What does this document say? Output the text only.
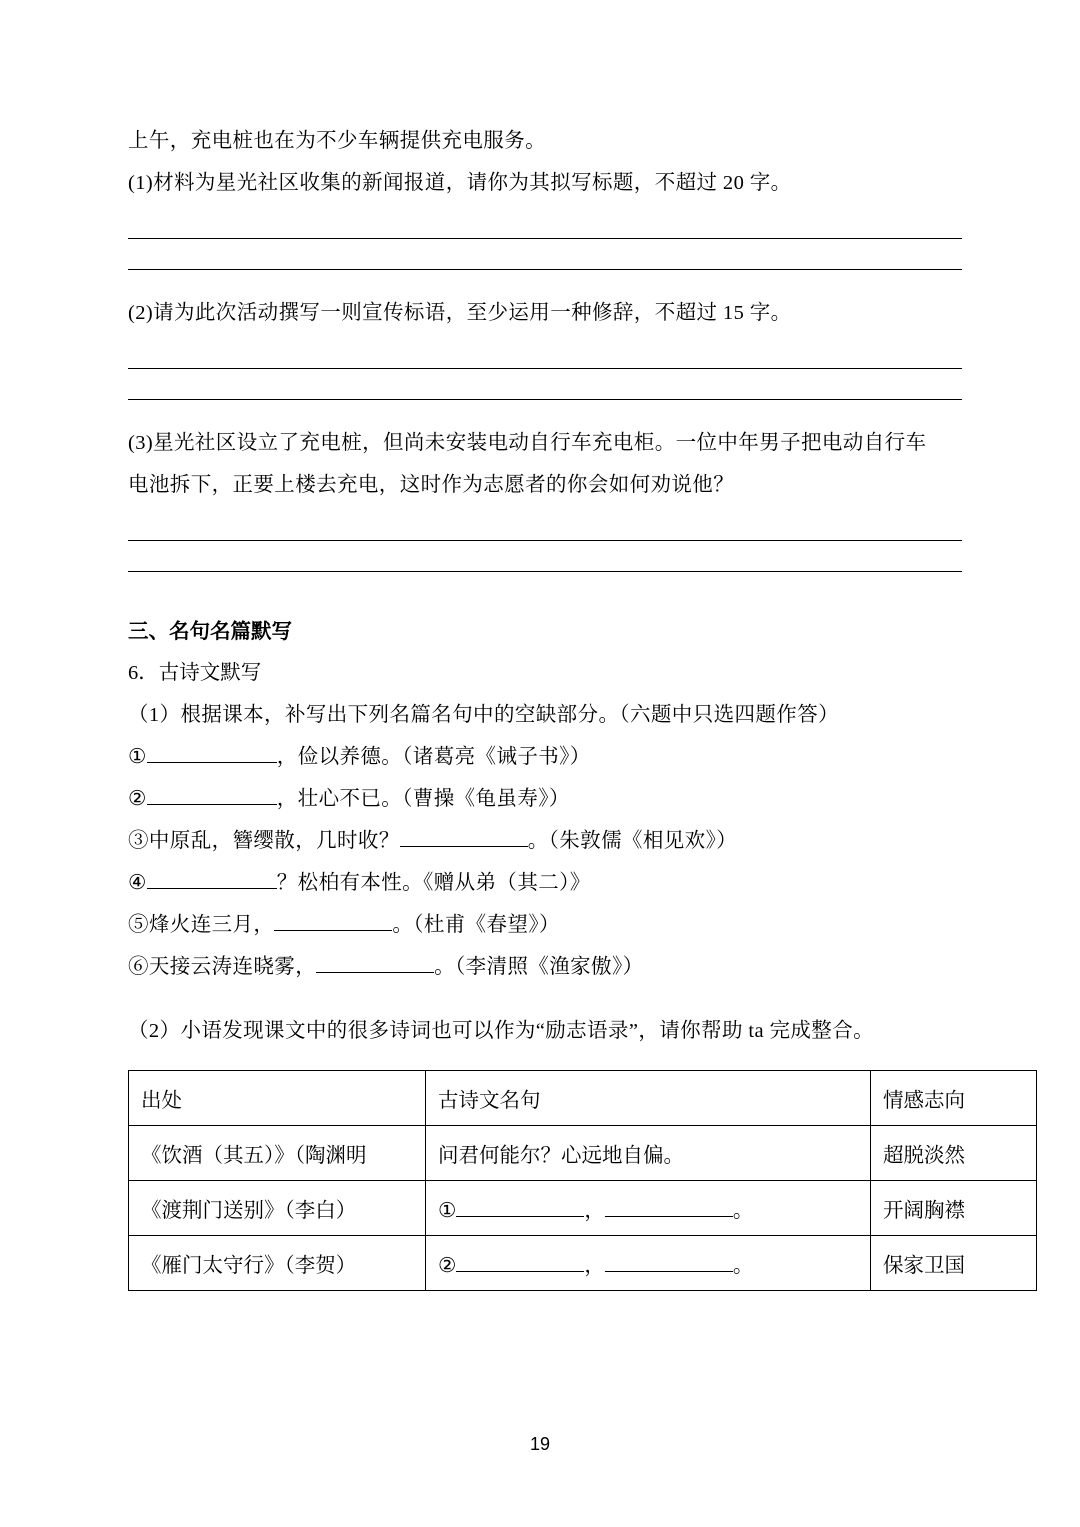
上午，充电桩也在为不少车辆提供充电服务。

(1)材料为星光社区收集的新闻报道，请你为其拟写标题，不超过 20 字。

(2)请为此次活动撰写一则宣传标语，至少运用一种修辞，不超过 15 字。

(3)星光社区设立了充电桩，但尚未安装电动自行车充电柜。一位中年男子把电动自行车

电池拆下，正要上楼去充电，这时作为志愿者的你会如何劝说他？

三、名句名篇默写

6．古诗文默写

（1）根据课本，补写出下列名篇名句中的空缺部分。（六题中只选四题作答）

①	，俭以养德。（诸葛亮《诫子书》）

②	，壮心不已。（曹操《龟虽寿》）

③中原乱，簪缨散，几时收？	。（朱敦儒《相见欢》）

④	？松柏有本性。《赠从弟（其二）》

⑤烽火连三月，	。（杜甫《春望》）

⑥天接云涛连晓雾，	。（李清照《渔家傲》）

（2）小语发现课文中的很多诗词也可以作为“励志语录”，请你帮助 ta 完成整合。

出处	古诗文名句	情感志向
《饮酒（其五）》（陶渊明	问君何能尔？心远地自偏。	超脱淡然
《渡荆门送别》（李白）	① ， 。	开阔胸襟
《雁门太守行》（李贺）	② ， 。	保家卫国
19
